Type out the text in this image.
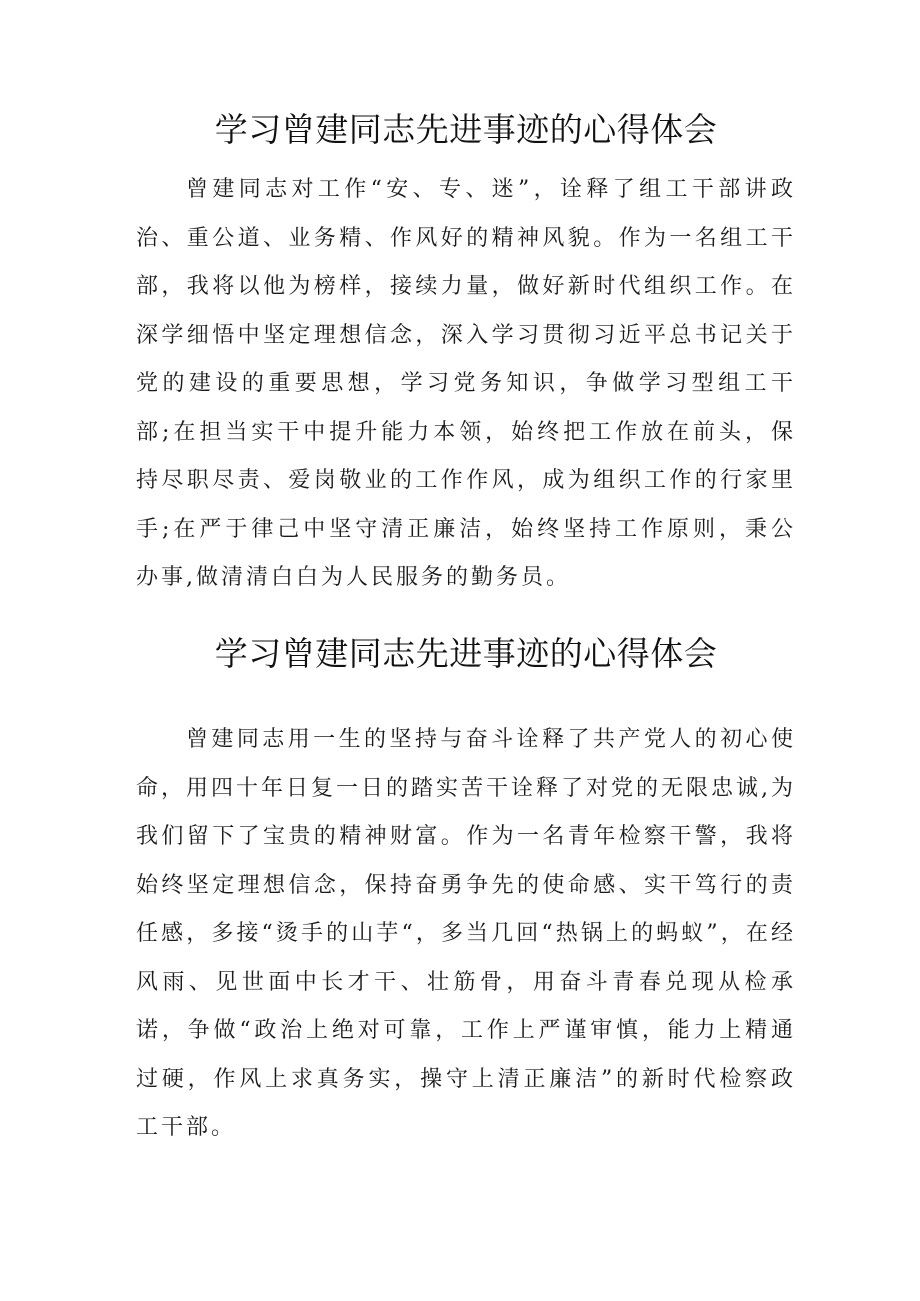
学习曾建同志先进事迹的心得体会

曾建同志对工作“安、专、迷”，诠释了组工干部讲政治、重公道、业务精、作风好的精神风貌。作为一名组工干部，我将以他为榜样，接续力量，做好新时代组织工作。在深学细悟中坚定理想信念，深入学习贯彻习近平总书记关于党的建设的重要思想，学习党务知识，争做学习型组工干部;在担当实干中提升能力本领，始终把工作放在前头，保持尽职尽责、爱岗敬业的工作作风，成为组织工作的行家里手;在严于律己中坚守清正廉洁，始终坚持工作原则，秉公办事,做清清白白为人民服务的勤务员。

学习曾建同志先进事迹的心得体会

曾建同志用一生的坚持与奋斗诠释了共产党人的初心使命，用四十年日复一日的踏实苦干诠释了对党的无限忠诚,为我们留下了宝贵的精神财富。作为一名青年检察干警，我将始终坚定理想信念，保持奋勇争先的使命感、实干笃行的责任感，多接“烫手的山芋“，多当几回“热锅上的蚂蚁”，在经风雨、见世面中长才干、壮筋骨，用奋斗青春兑现从检承诺，争做“政治上绝对可靠，工作上严谨审慎，能力上精通过硬，作风上求真务实，操守上清正廉洁”的新时代检察政工干部。
